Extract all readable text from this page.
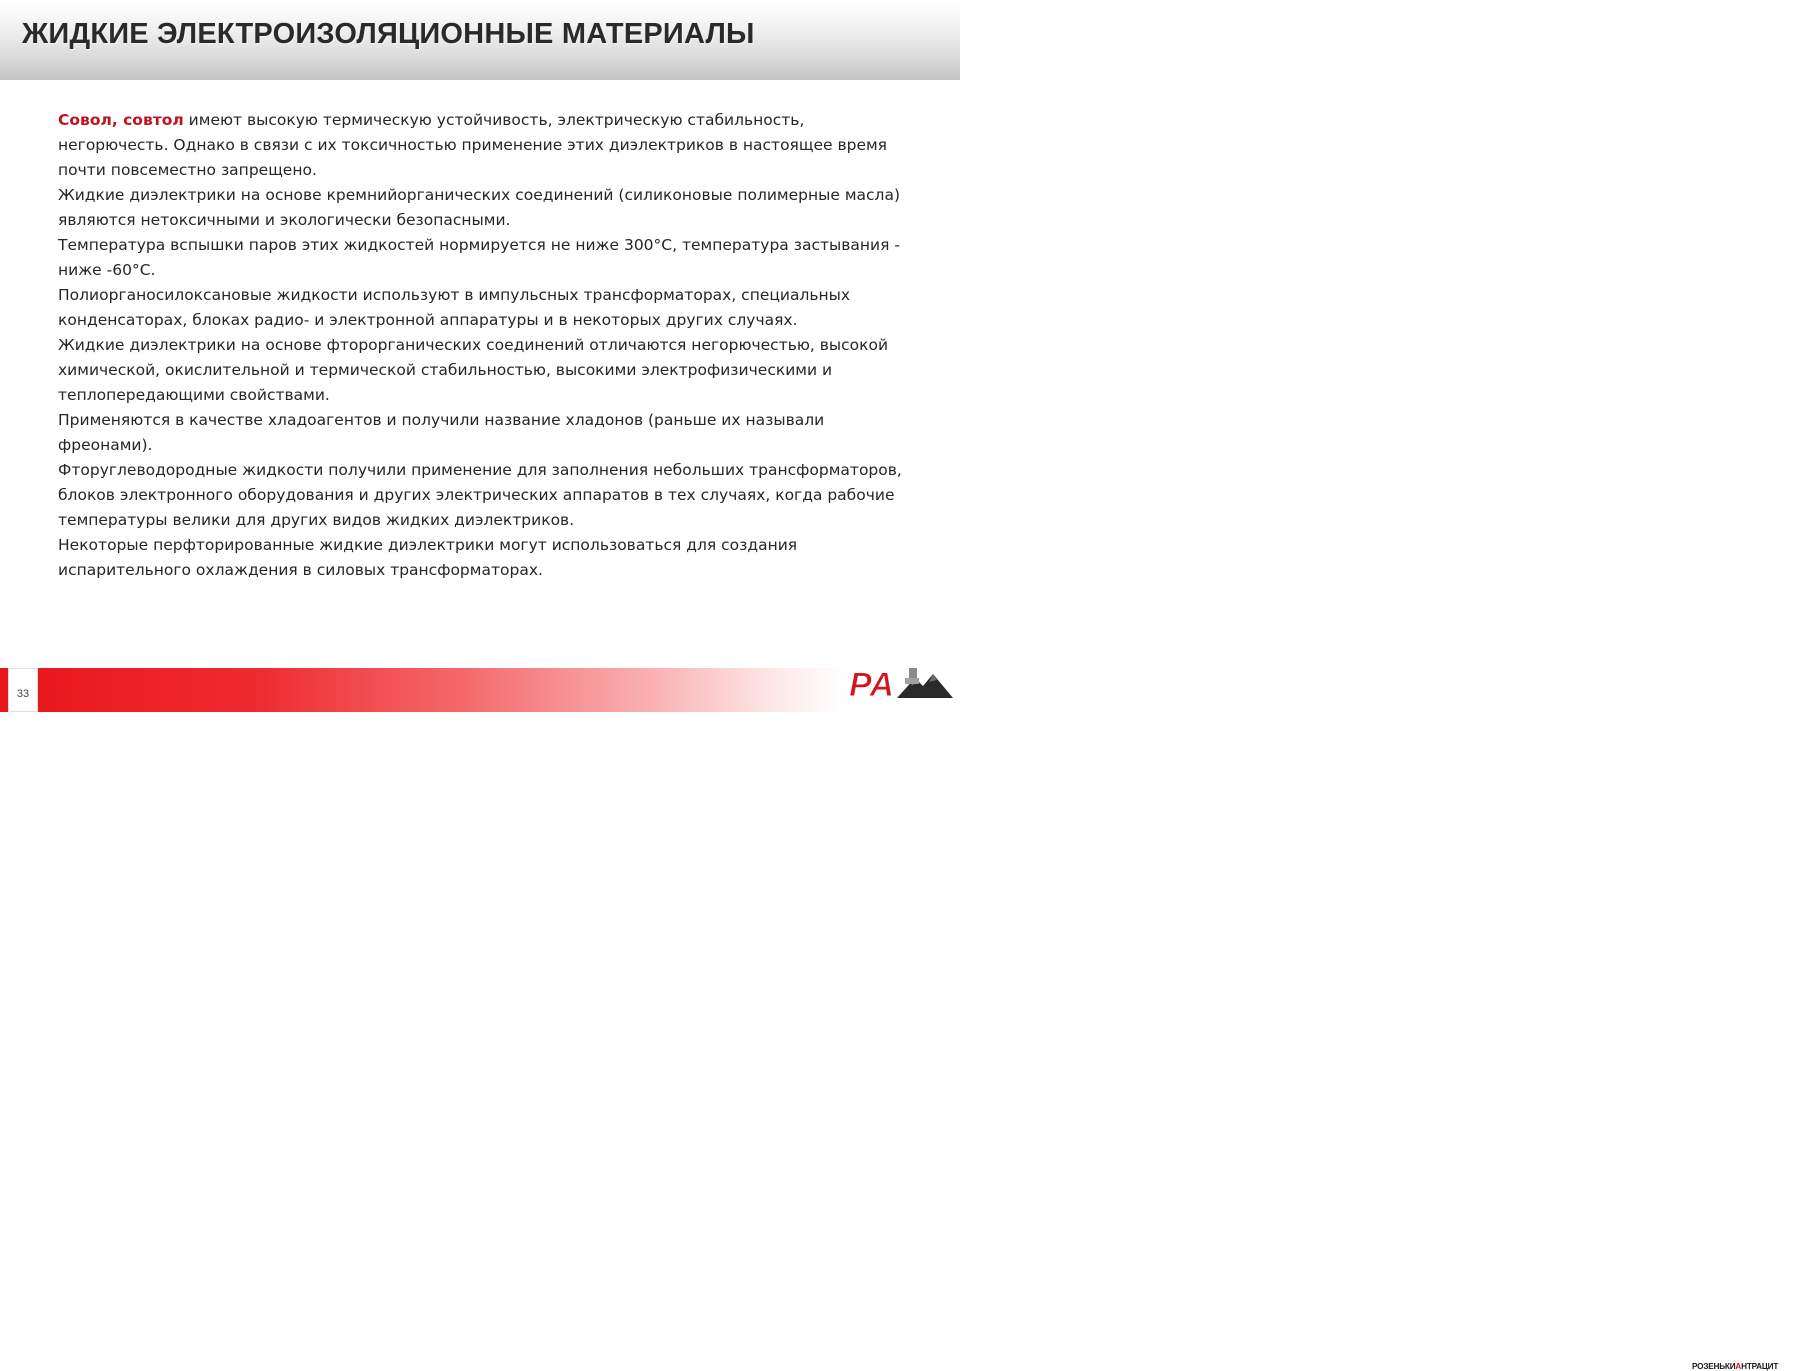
ЖИДКИЕ ЭЛЕКТРОИЗОЛЯЦИОННЫЕ МАТЕРИАЛЫ

Совол, совтол имеют высокую термическую устойчивость, электрическую стабильность, негорючесть. Однако в связи с их токсичностью применение этих диэлектриков в настоящее время почти повсеместно запрещено.

Жидкие диэлектрики на основе кремнийорганических соединений (силиконовые полимерные масла) являются нетоксичными и экологически безопасными.

Температура вспышки паров этих жидкостей нормируется не ниже 300°С, температура застывания - ниже -60°С.

Полиорганосилоксановые жидкости используют в импульсных трансформаторах, специальных конденсаторах, блоках радио- и электронной аппаратуры и в некоторых других случаях.

Жидкие диэлектрики на основе фторорганических соединений отличаются негорючестью, высокой химической, окислительной и термической стабильностью, высокими электрофизическими и теплопередающими свойствами.

Применяются в качестве хладоагентов и получили название хладонов (раньше их называли фреонами).

Фторуглеводородные жидкости получили применение для заполнения небольших трансформаторов, блоков электронного оборудования и других электрических аппаратов в тех случаях, когда рабочие температуры велики для других видов жидких диэлектриков.

Некоторые перфторированные жидкие диэлектрики могут использоваться для создания испарительного охлаждения в силовых трансформаторах.

33	РА
РОЗЕНЬКИАНТРАЦИТ
